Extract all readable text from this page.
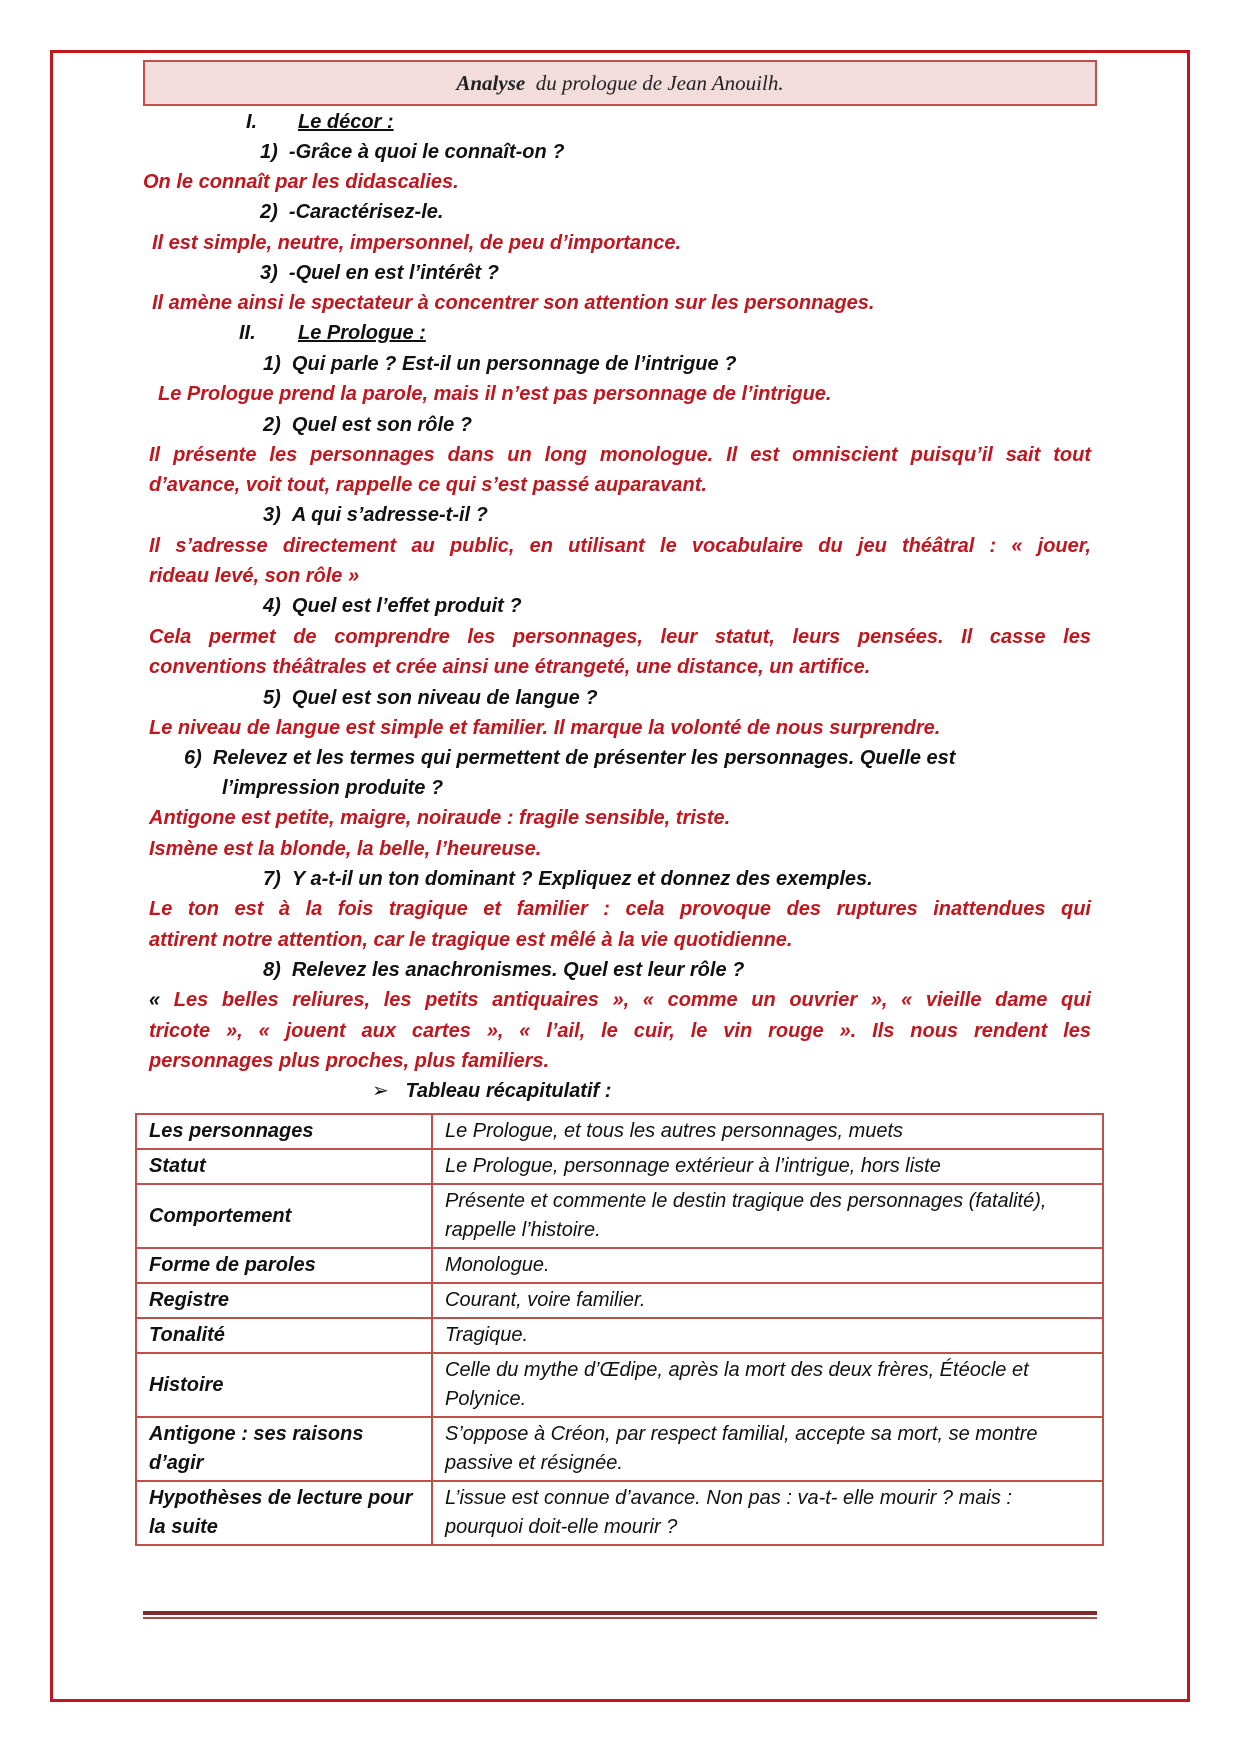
Analyse du prologue de Jean Anouilh.
I. Le décor :
1) -Grâce à quoi le connaît-on ?
On le connaît par les didascalies.
2) -Caractérisez-le.
Il est simple, neutre, impersonnel, de peu d’importance.
3) -Quel en est l’intérêt ?
Il amène ainsi le spectateur à concentrer son attention sur les personnages.
II. Le Prologue :
1) Qui parle ? Est-il un personnage de l’intrigue ?
Le Prologue prend la parole, mais il n’est pas personnage de l’intrigue.
2) Quel est son rôle ?
Il présente les personnages dans un long monologue. Il est omniscient puisqu’il sait tout
d’avance, voit tout, rappelle ce qui s’est passé auparavant.
3) A qui s’adresse-t-il ?
Il s’adresse directement au public, en utilisant le vocabulaire du jeu théâtral : « jouer,
rideau levé, son rôle »
4) Quel est l’effet produit ?
Cela permet de comprendre les personnages, leur statut, leurs pensées. Il casse les
conventions théâtrales et crée ainsi une étrangeté, une distance, un artifice.
5) Quel est son niveau de langue ?
Le niveau de langue est simple et familier. Il marque la volonté de nous surprendre.
6) Relevez et les termes qui permettent de présenter les personnages. Quelle est
l’impression produite ?
Antigone est petite, maigre, noiraude : fragile sensible, triste.
Ismène est la blonde, la belle, l’heureuse.
7) Y a-t-il un ton dominant ? Expliquez et donnez des exemples.
Le ton est à la fois tragique et familier : cela provoque des ruptures inattendues qui
attirent notre attention, car le tragique est mêlé à la vie quotidienne.
8) Relevez les anachronismes. Quel est leur rôle ?
« Les belles reliures, les petits antiquaires », « comme un ouvrier », « vieille dame qui
tricote », « jouent aux cartes », « l’ail, le cuir, le vin rouge ». Ils nous rendent les
personnages plus proches, plus familiers.
➢ Tableau récapitulatif :
Les personnages	Le Prologue, et tous les autres personnages, muets
Statut	Le Prologue, personnage extérieur à l’intrigue, hors liste
Comportement	Présente et commente le destin tragique des personnages (fatalité), rappelle l’histoire.
Forme de paroles	Monologue.
Registre	Courant, voire familier.
Tonalité	Tragique.
Histoire	Celle du mythe d’Œdipe, après la mort des deux frères, Étéocle et Polynice.
Antigone : ses raisons d’agir	S’oppose à Créon, par respect familial, accepte sa mort, se montre passive et résignée.
Hypothèses de lecture pour la suite	L’issue est connue d’avance. Non pas : va-t- elle mourir ? mais : pourquoi doit-elle mourir ?
